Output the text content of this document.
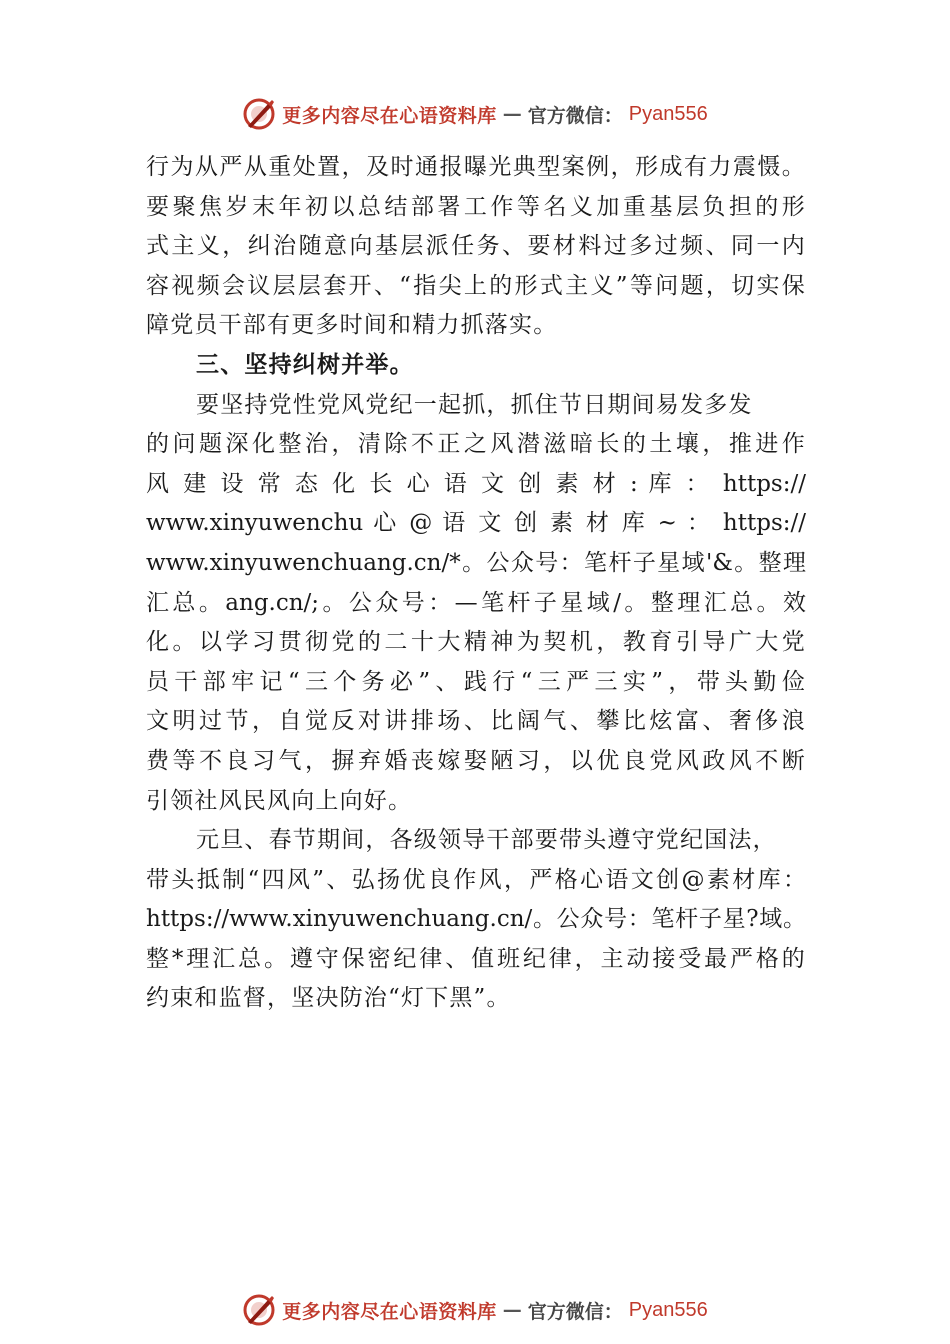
更多内容尽在心语资料库 — 官方微信： Pyan556
行为从严从重处置，及时通报曝光典型案例，形成有力震慑。
要聚焦岁末年初以总结部署工作等名义加重基层负担的形
式主义，纠治随意向基层派任务、要材料过多过频、同一内
容视频会议层层套开、“指尖上的形式主义”等问题，切实保
障党员干部有更多时间和精力抓落实。
三、坚持纠树并举。
要坚持党性党风党纪一起抓，抓住节日期间易发多发
的问题深化整治，清除不正之风潜滋暗长的土壤，推进作
风 建 设 常 态 化 长 心 语 文 创 素 材 : 库 ： https://
www.xinyuwenchu 心 @ 语 文 创 素 材 库 ~ ： https://
www.xinyuwenchuang.cn/*。公众号：笔杆子星域'&。整理
汇总。ang.cn/;。公众号：—笔杆子星域/。整理汇总。效
化。以学习贯彻党的二十大精神为契机，教育引导广大党
员干部牢记“三个务必”、践行“三严三实”，带头勤俭
文明过节，自觉反对讲排场、比阔气、攀比炫富、奢侈浪
费等不良习气，摒弃婚丧嫁娶陋习，以优良党风政风不断
引领社风民风向上向好。
元旦、春节期间，各级领导干部要带头遵守党纪国法，
带头抵制“四风”、弘扬优良作风，严格心语文创@素材库：
https://www.xinyuwenchuang.cn/。公众号：笔杆子星?域。
整*理汇总。遵守保密纪律、值班纪律，主动接受最严格的
约束和监督，坚决防治“灯下黑”。
更多内容尽在心语资料库 — 官方微信： Pyan556
